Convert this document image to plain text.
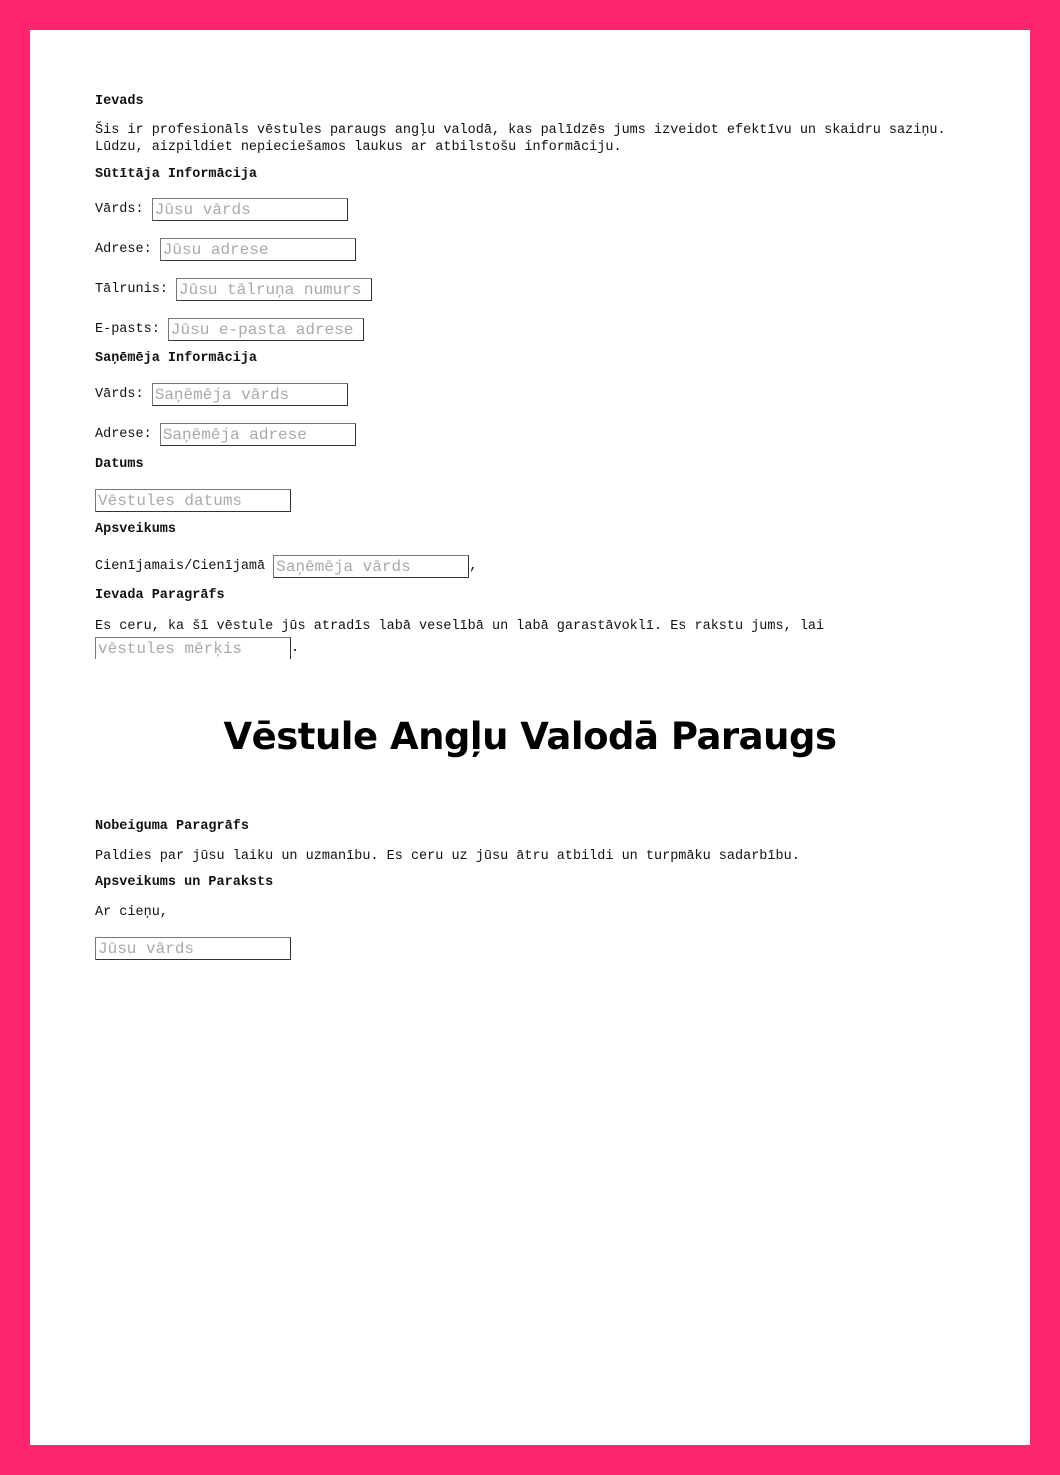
Ievads
Šis ir profesionāls vēstules paraugs angļu valodā, kas palīdzēs jums izveidot efektīvu un skaidru saziņu.
Lūdzu, aizpildiet nepieciešamos laukus ar atbilstošu informāciju.
Sūtītāja Informācija
Vārds: Jūsu vārds
Adrese: Jūsu adrese
Tālrunis: Jūsu tālruņa numurs
E-pasts: Jūsu e-pasta adrese
Saņēmēja Informācija
Vārds: Saņēmēja vārds
Adrese: Saņēmēja adrese
Datums
Vēstules datums
Apsveikums
Cienījamais/Cienījamā Saņēmēja vārds	,
Ievada Paragrāfs
Es ceru, ka šī vēstule jūs atradīs labā veselībā un labā garastāvoklī. Es rakstu jums, lai
vēstules mērķis.
Nobeiguma Paragrāfs
Paldies par jūsu laiku un uzmanību. Es ceru uz jūsu ātru atbildi un turpmāku sadarbību.
Apsveikums un Paraksts
Ar cieņu,
Jūsu vārds
Vēstule Angļu Valodā Paraugs
